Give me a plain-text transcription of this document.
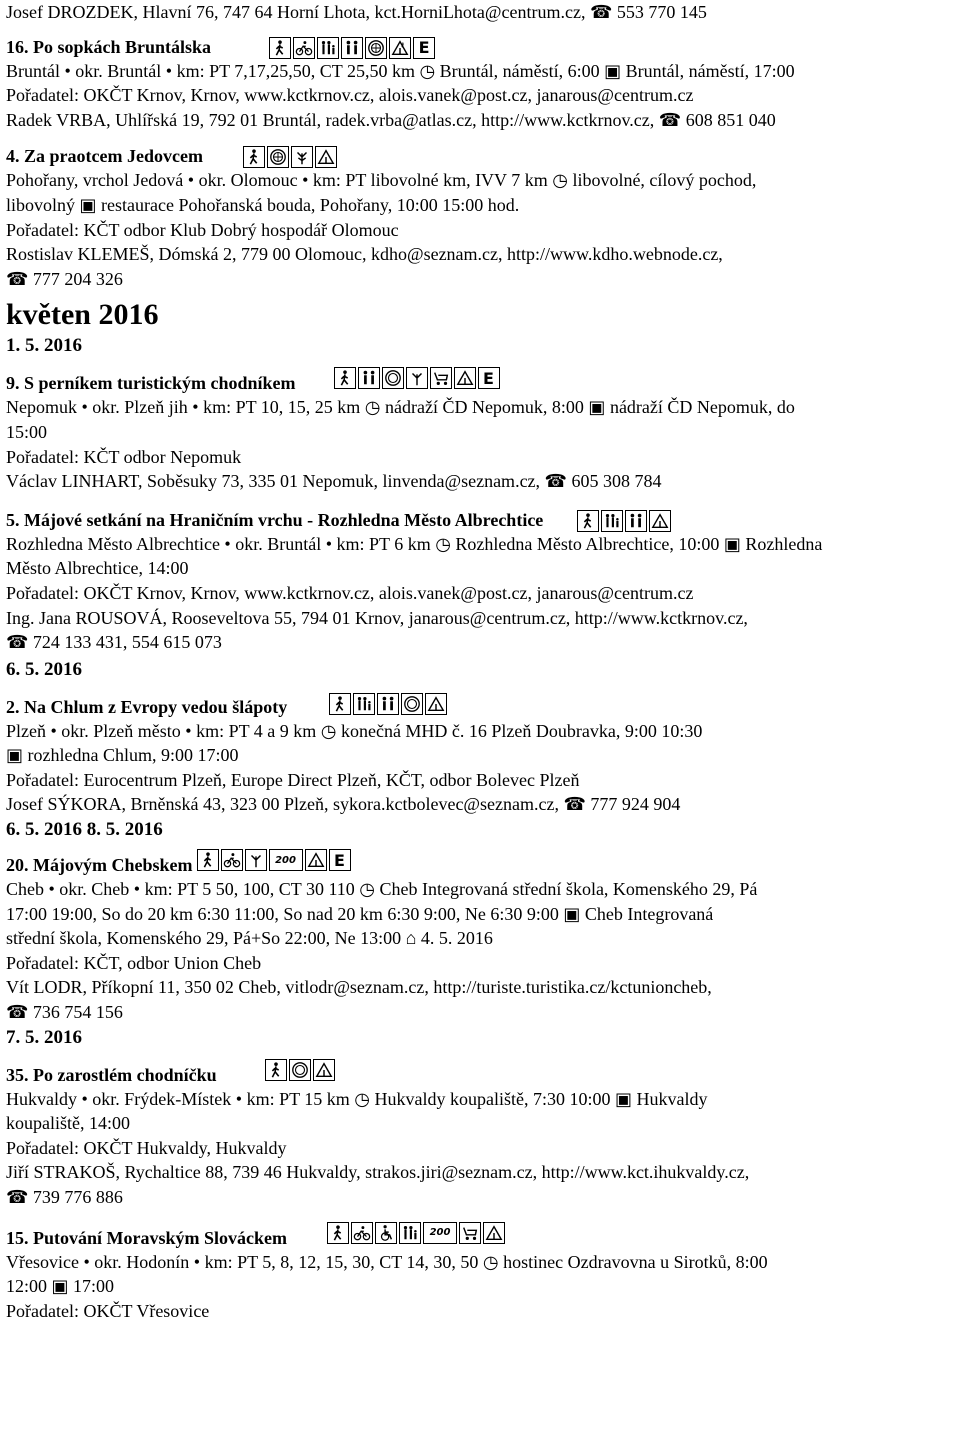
Josef DROZDEK, Hlavní 76, 747 64 Horní Lhota, kct.HorniLhota@centrum.cz, ☎ 553 770 145
16. Po sopkách Bruntálska	E
Bruntál • okr. Bruntál • km: PT 7,17,25,50, CT 25,50 km ◷ Bruntál, náměstí, 6:00 ▣ Bruntál, náměstí, 17:00
Pořadatel: OKČT Krnov, Krnov, www.kctkrnov.cz, alois.vanek@post.cz, janarous@centrum.cz
Radek VRBA, Uhlířská 19, 792 01 Bruntál, radek.vrba@atlas.cz, http://www.kctkrnov.cz, ☎ 608 851 040
4. Za praotcem Jedovcem
Pohořany, vrchol Jedová • okr. Olomouc • km: PT libovolné km, IVV 7 km ◷ libovolné, cílový pochod,
libovolný ▣ restaurace Pohořanská bouda, Pohořany, 10:00 15:00 hod.
Pořadatel: KČT odbor Klub Dobrý hospodář Olomouc
Rostislav KLEMEŠ, Dómská 2, 779 00 Olomouc, kdho@seznam.cz, http://www.kdho.webnode.cz,
☎ 777 204 326
květen 2016
1. 5. 2016
9. S perníkem turistickým chodníkem	E
Nepomuk • okr. Plzeň jih • km: PT 10, 15, 25 km ◷ nádraží ČD Nepomuk, 8:00 ▣ nádraží ČD Nepomuk, do
15:00
Pořadatel: KČT odbor Nepomuk
Václav LINHART, Soběsuky 73, 335 01 Nepomuk, linvenda@seznam.cz, ☎ 605 308 784
5. Májové setkání na Hraničním vrchu - Rozhledna Město Albrechtice
Rozhledna Město Albrechtice • okr. Bruntál • km: PT 6 km ◷ Rozhledna Město Albrechtice, 10:00 ▣ Rozhledna
Město Albrechtice, 14:00
Pořadatel: OKČT Krnov, Krnov, www.kctkrnov.cz, alois.vanek@post.cz, janarous@centrum.cz
Ing. Jana ROUSOVÁ, Rooseveltova 55, 794 01 Krnov, janarous@centrum.cz, http://www.kctkrnov.cz,
☎ 724 133 431, 554 615 073
6. 5. 2016
2. Na Chlum z Evropy vedou šlápoty
Plzeň • okr. Plzeň město • km: PT 4 a 9 km ◷ konečná MHD č. 16 Plzeň Doubravka, 9:00 10:30
▣ rozhledna Chlum, 9:00 17:00
Pořadatel: Eurocentrum Plzeň, Europe Direct Plzeň, KČT, odbor Bolevec Plzeň
Josef SÝKORA, Brněnská 43, 323 00 Plzeň, sykora.kctbolevec@seznam.cz, ☎ 777 924 904
6. 5. 2016 8. 5. 2016
20. Májovým Chebskem	200	E
Cheb • okr. Cheb • km: PT 5 50, 100, CT 30 110 ◷ Cheb Integrovaná střední škola, Komenského 29, Pá
17:00 19:00, So do 20 km 6:30 11:00, So nad 20 km 6:30 9:00, Ne 6:30 9:00 ▣ Cheb Integrovaná
střední škola, Komenského 29, Pá+So 22:00, Ne 13:00 ⌂ 4. 5. 2016
Pořadatel: KČT, odbor Union Cheb
Vít LODR, Příkopní 11, 350 02 Cheb, vitlodr@seznam.cz, http://turiste.turistika.cz/kctunioncheb,
☎ 736 754 156
7. 5. 2016
35. Po zarostlém chodníčku
Hukvaldy • okr. Frýdek-Místek • km: PT 15 km ◷ Hukvaldy koupaliště, 7:30 10:00 ▣ Hukvaldy
koupaliště, 14:00
Pořadatel: OKČT Hukvaldy, Hukvaldy
Jiří STRAKOŠ, Rychaltice 88, 739 46 Hukvaldy, strakos.jiri@seznam.cz, http://www.kct.ihukvaldy.cz,
☎ 739 776 886
15. Putování Moravským Slováckem	200
Vřesovice • okr. Hodonín • km: PT 5, 8, 12, 15, 30, CT 14, 30, 50 ◷ hostinec Ozdravovna u Sirotků, 8:00
12:00 ▣ 17:00
Pořadatel: OKČT Vřesovice
